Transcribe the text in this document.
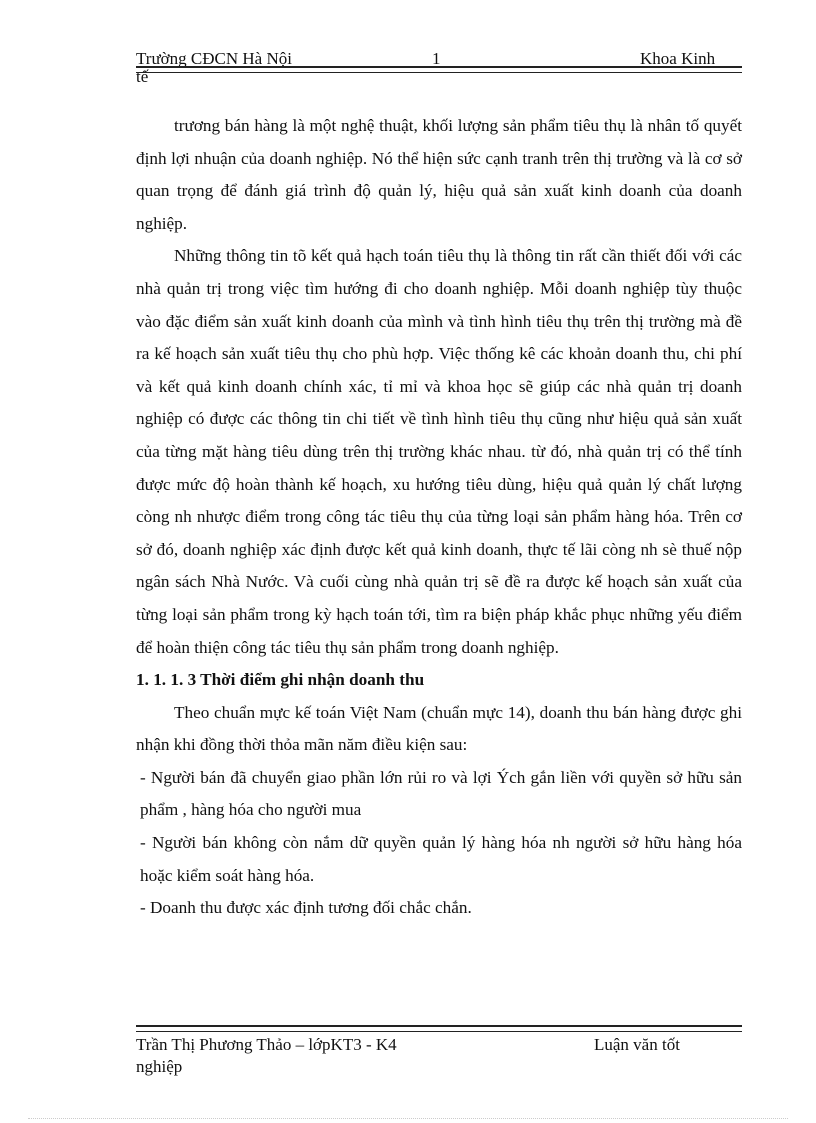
Trường CĐCN Hà Nội	1	Khoa Kinh
tế

trương bán hàng là một nghệ thuật, khối lượng sản phẩm tiêu thụ là nhân tố quyết định lợi nhuận của doanh nghiệp. Nó thể hiện sức cạnh tranh trên thị trường và là cơ sở quan trọng để đánh giá trình độ quản lý, hiệu quả sản xuất kinh doanh của doanh nghiệp.

Những thông tin tõ kết quả hạch toán tiêu thụ là thông tin rất cần thiết đối với các nhà quản trị trong việc tìm hướng đi cho doanh nghiệp. Mỗi doanh nghiệp tùy thuộc vào đặc điểm sản xuất kinh doanh của mình và tình hình tiêu thụ trên thị trường mà đề ra kế hoạch sản xuất tiêu thụ cho phù hợp. Việc thống kê các khoản doanh thu, chi phí và kết quả kinh doanh chính xác, tỉ mỉ và khoa học sẽ giúp các nhà quản trị doanh nghiệp có được các thông tin chi tiết về tình hình tiêu thụ cũng như hiệu quả sản xuất của từng mặt hàng tiêu dùng trên thị trường khác nhau. từ đó, nhà quản trị có thể tính được mức độ hoàn thành kế hoạch, xu hướng tiêu dùng, hiệu quả quản lý chất lượng còng nh nhược điểm trong công tác tiêu thụ của từng loại sản phẩm hàng hóa. Trên cơ sở đó, doanh nghiệp xác định được kết quả kinh doanh, thực tế lãi còng nh sè thuế nộp ngân sách Nhà Nước. Và cuối cùng nhà quản trị sẽ đề ra được kế hoạch sản xuất của từng loại sản phẩm trong kỳ hạch toán tới, tìm ra biện pháp khắc phục những yếu điểm để hoàn thiện công tác tiêu thụ sản phẩm trong doanh nghiệp.

1. 1. 1. 3 Thời điểm ghi nhận doanh thu

Theo chuẩn mực kế toán Việt Nam (chuẩn mực 14), doanh thu bán hàng được ghi nhận khi đồng thời thỏa mãn năm điều kiện sau:

- Người bán đã chuyển giao phần lớn rủi ro và lợi Ých gắn liền với quyền sở hữu sản phẩm , hàng hóa cho người mua

- Người bán không còn nắm dữ quyền quản lý hàng hóa nh người sở hữu hàng hóa hoặc kiểm soát hàng hóa.

- Doanh thu được xác định tương đối chắc chắn.

Trần Thị Phương Thảo – lớpKT3 - K4	Luận văn tốt
nghiệp
